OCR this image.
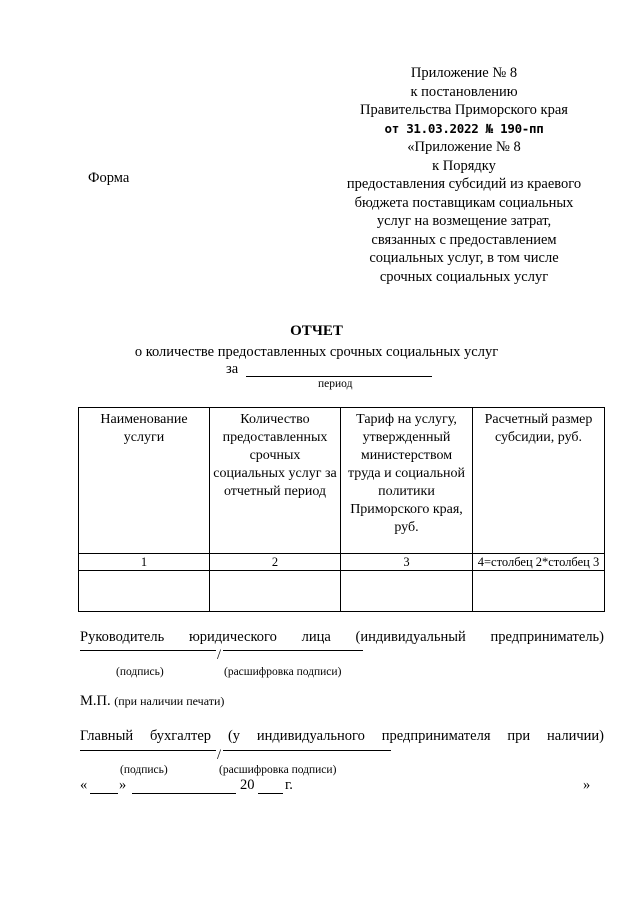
Приложение № 8
к постановлению
Правительства Приморского края
от 31.03.2022 № 190-пп
«Приложение № 8
к Порядку
предоставления субсидий из краевого
бюджета поставщикам социальных
услуг на возмещение затрат,
связанных с предоставлением
социальных услуг, в том числе
срочных социальных услуг
Форма
ОТЧЕТ
о количестве предоставленных срочных социальных услуг
за
период
Наименование услуги	Количество предоставленных срочных социальных услуг за отчетный период	Тариф на услугу, утвержденный министерством труда и социальной политики Приморского края, руб.	Расчетный размер субсидии, руб.
1	2	3	4=столбец 2*столбец 3

Руководитель юридического лица (индивидуальный предприниматель)
/
(подпись)	(расшифровка подписи)
М.П. (при наличии печати)
Главный бухгалтер (у индивидуального предпринимателя при наличии)
/
(подпись)	(расшифровка подписи)
« »	20 г.	»
